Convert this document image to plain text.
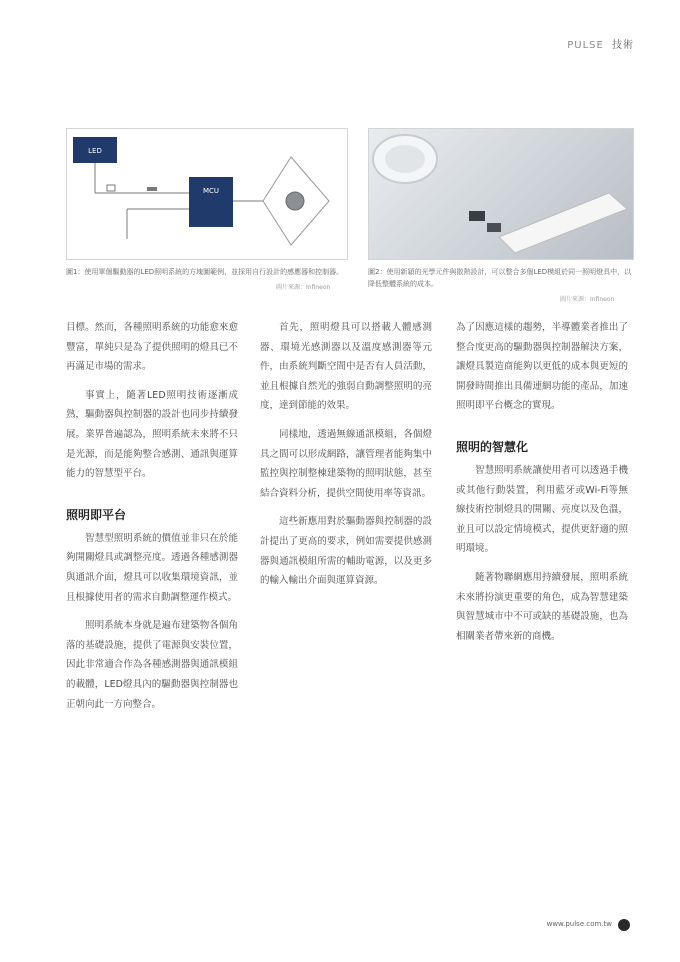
PULSE 技術
LED
MCU
圖1：使用單個驅動器的LED照明系統的方塊圖範例，並採用自行設計的感應器和控制器。
圖片來源：Infineon
圖2：使用新穎的光學元件與散熱設計，可以整合多個LED模組於同一照明燈具中，以降低整體系統的成本。
圖片來源：Infineon

目標。然而，各種照明系統的功能愈來愈豐富，單純只是為了提供照明的燈具已不再滿足市場的需求。

事實上，隨著LED照明技術逐漸成熟，驅動器與控制器的設計也同步持續發展。業界普遍認為，照明系統未來將不只是光源，而是能夠整合感測、通訊與運算能力的智慧型平台。

照明即平台

智慧型照明系統的價值並非只在於能夠開關燈具或調整亮度。透過各種感測器與通訊介面，燈具可以收集環境資訊，並且根據使用者的需求自動調整運作模式。

照明系統本身就是遍布建築物各個角落的基礎設施，提供了電源與安裝位置，因此非常適合作為各種感測器與通訊模組的載體，LED燈具內的驅動器與控制器也正朝向此一方向整合。

首先，照明燈具可以搭載人體感測器、環境光感測器以及溫度感測器等元件，由系統判斷空間中是否有人員活動，並且根據自然光的強弱自動調整照明的亮度，達到節能的效果。

同樣地，透過無線通訊模組，各個燈具之間可以形成網路，讓管理者能夠集中監控與控制整棟建築物的照明狀態，甚至結合資料分析，提供空間使用率等資訊。

這些新應用對於驅動器與控制器的設計提出了更高的要求，例如需要提供感測器與通訊模組所需的輔助電源，以及更多的輸入輸出介面與運算資源。

為了因應這樣的趨勢，半導體業者推出了整合度更高的驅動器與控制器解決方案，讓燈具製造商能夠以更低的成本與更短的開發時間推出具備連網功能的產品，加速照明即平台概念的實現。

照明的智慧化

智慧照明系統讓使用者可以透過手機或其他行動裝置，利用藍牙或Wi-Fi等無線技術控制燈具的開關、亮度以及色溫，並且可以設定情境模式，提供更舒適的照明環境。

隨著物聯網應用持續發展，照明系統未來將扮演更重要的角色，成為智慧建築與智慧城市中不可或缺的基礎設施，也為相關業者帶來新的商機。

www.pulse.com.tw
